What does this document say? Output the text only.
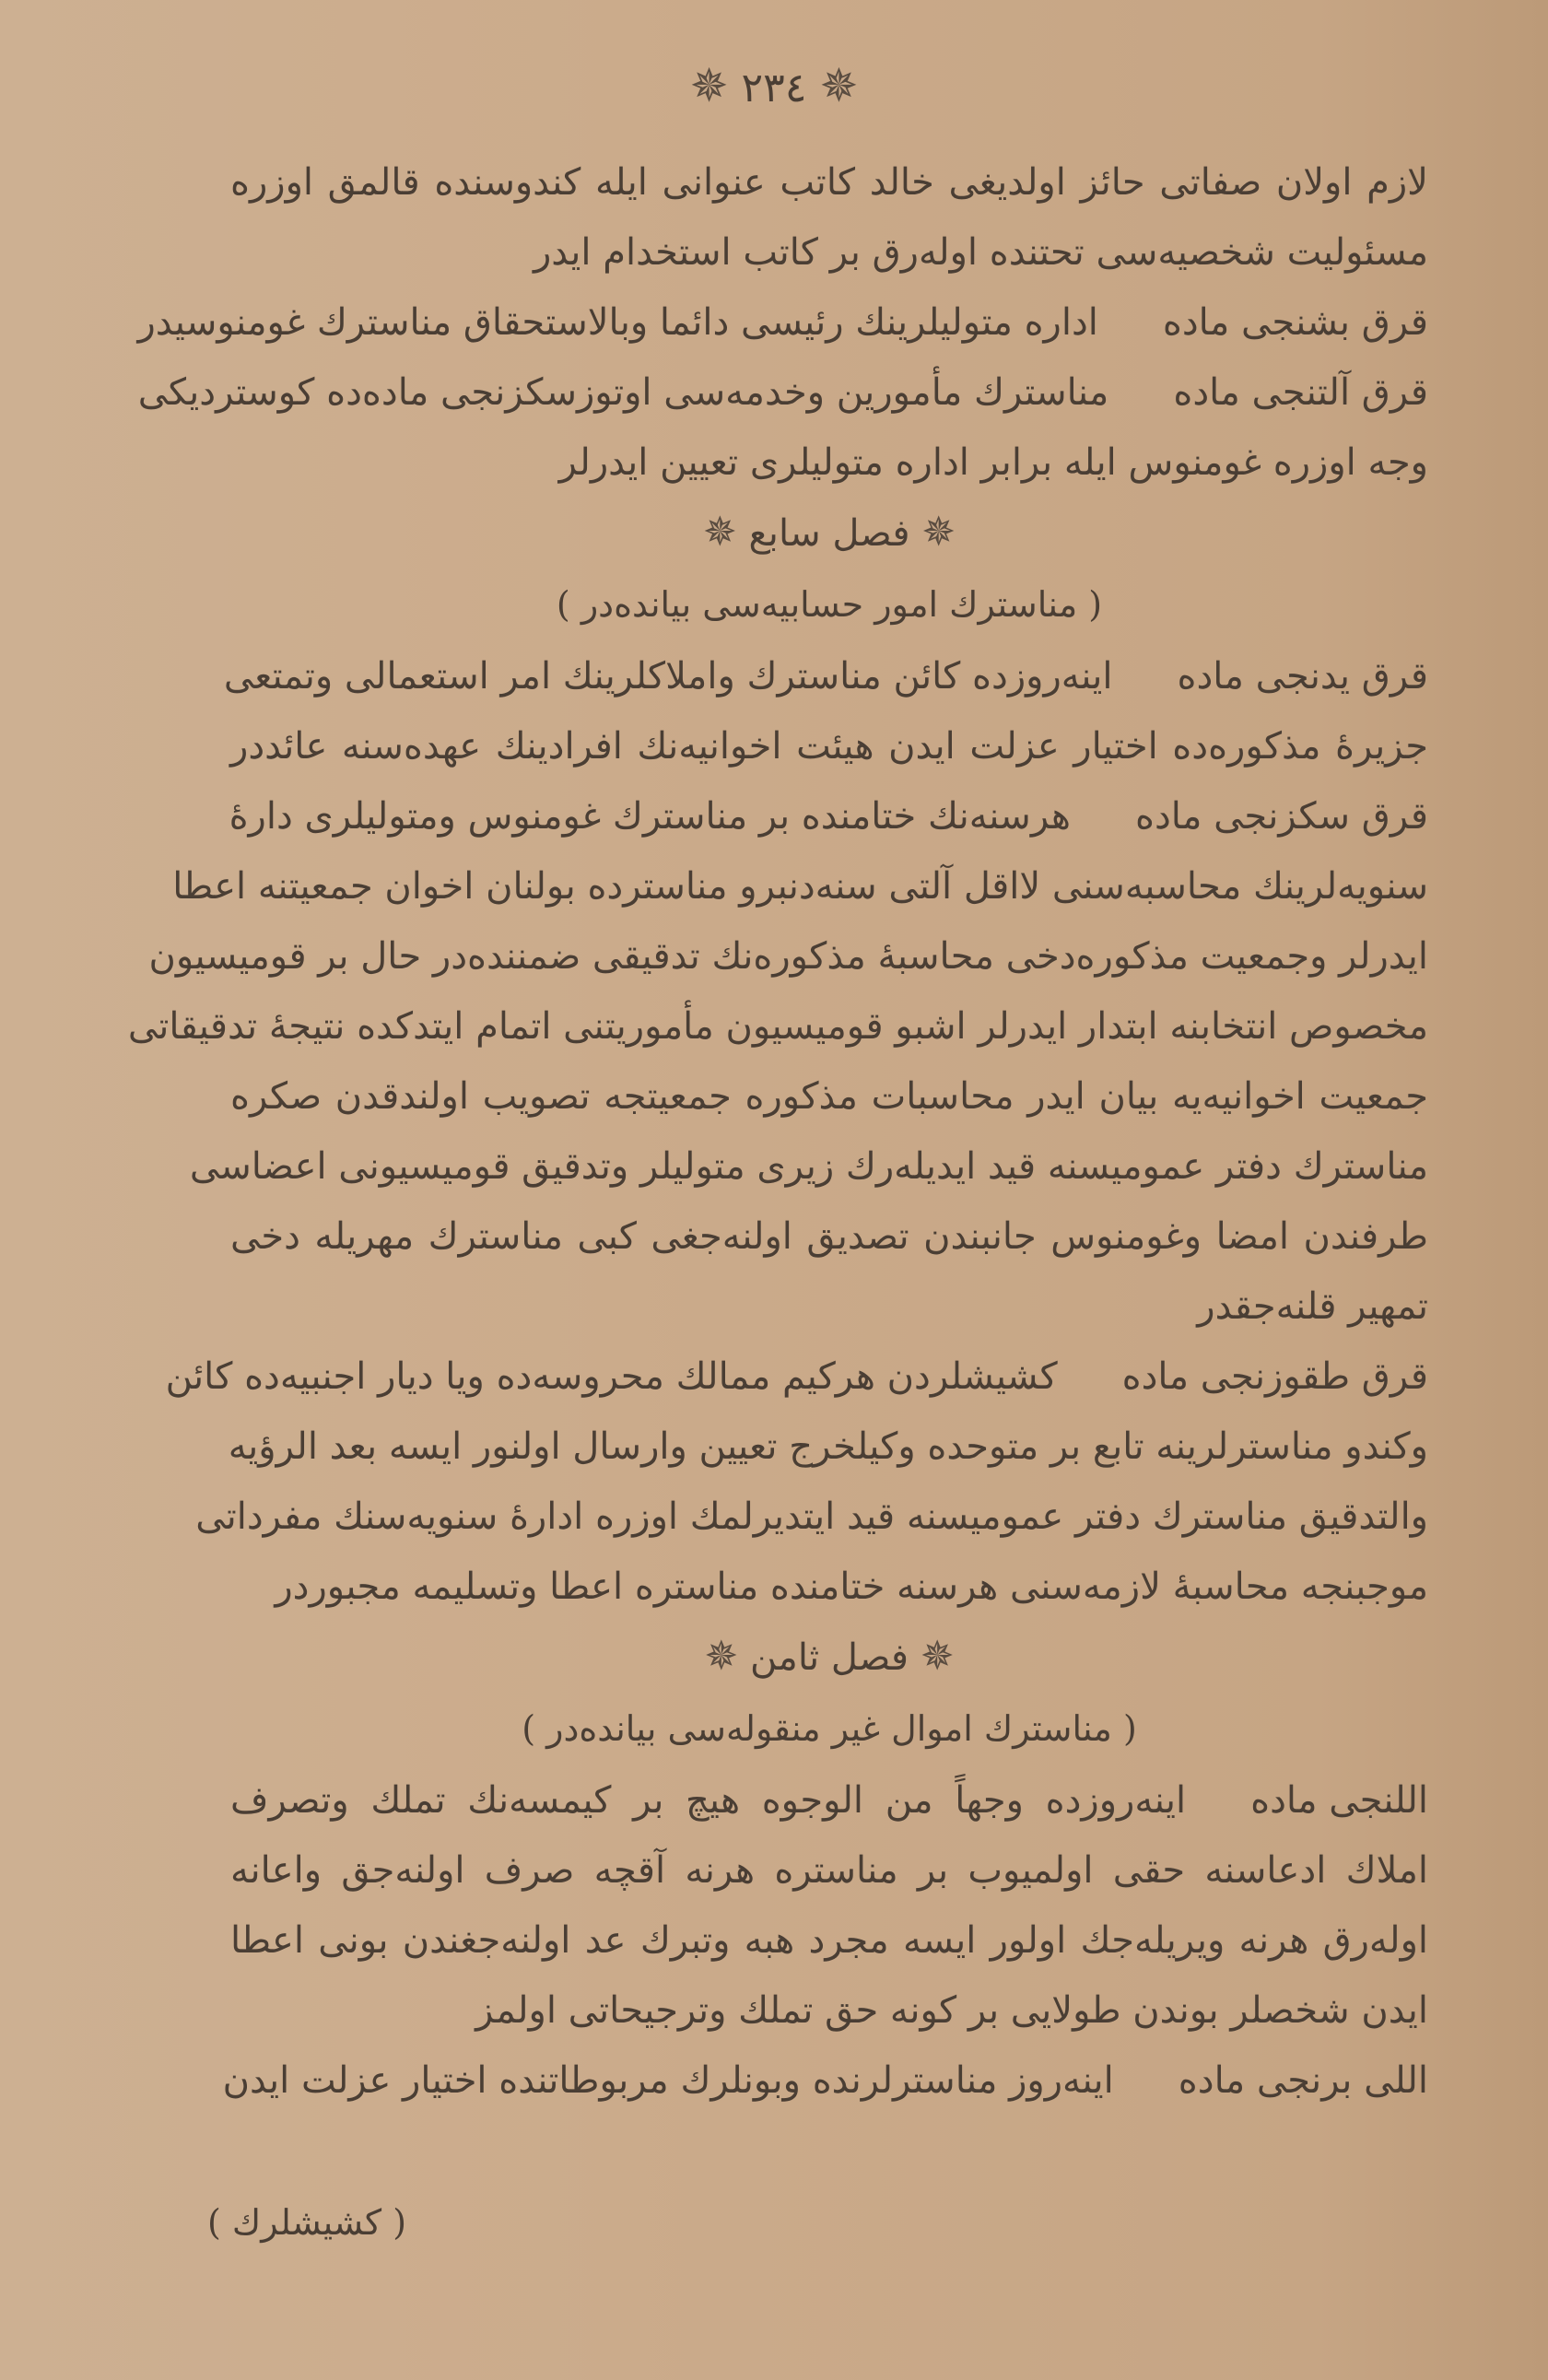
✵ ٢٣٤ ✵
لازم اولان صفاتی حائز اولدیغی خالد كاتب عنوانی ایله كندوسنده قالمق اوزره
مسئولیت شخصیه‌سی تحتنده اوله‌رق بر كاتب استخدام ایدر
قرق بشنجی مادهاداره متولیلرینك رئیسی دائما وبالاستحقاق مناسترك غومنوسیدر
قرق آلتنجی مادهمناسترك مأمورین وخدمه‌سی اوتوزسكزنجی ماده‌ده كوستردیكی
وجه اوزره غومنوس ایله برابر اداره متولیلری تعیین ایدرلر
✵ فصل سابع ✵
( مناسترك امور حسابیه‌سی بیانده‌در )
قرق یدنجی مادهاینه‌روزده كائن مناسترك واملاكلرینك امر استعمالی وتمتعی
جزیرهٔ مذكوره‌ده اختیار عزلت ایدن هیئت اخوانیه‌نك افرادینك عهده‌سنه عائددر
قرق سكزنجی مادههرسنه‌نك ختامنده بر مناسترك غومنوس ومتولیلری دارهٔ
سنویه‌لرینك محاسبه‌سنی لااقل آلتی سنه‌دنبرو مناسترده بولنان اخوان جمعیتنه اعطا
ایدرلر وجمعیت مذكوره‌دخی محاسبهٔ مذكوره‌نك تدقیقی ضمننده‌در حال بر قومیسیون
مخصوص انتخابنه ابتدار ایدرلر اشبو قومیسیون مأموریتنی اتمام ایتدكده نتیجهٔ تدقیقاتی
جمعیت اخوانیه‌یه بیان ایدر محاسبات مذكوره جمعیتجه تصویب اولندقدن صكره
مناسترك دفتر عمومیسنه قید ایدیله‌رك زیری متولیلر وتدقیق قومیسیونی اعضاسی
طرفندن امضا وغومنوس جانبندن تصدیق اولنه‌جغی كبی مناسترك مهریله دخی
تمهیر قلنه‌جقدر
قرق طقوزنجی مادهكشیشلردن هركیم ممالك محروسه‌ده ویا دیار اجنبیه‌ده كائن
وكندو مناسترلرینه تابع بر متوحده وكیلخرج تعیین وارسال اولنور ایسه بعد الرؤیه
والتدقیق مناسترك دفتر عمومیسنه قید ایتدیرلمك اوزره ادارهٔ سنویه‌سنك مفرداتی
موجبنجه محاسبهٔ لازمه‌سنی هرسنه ختامنده مناستره اعطا وتسلیمه مجبوردر
✵ فصل ثامن ✵
( مناسترك اموال غیر منقوله‌سی بیانده‌در )
اللنجی مادهاینه‌روزده وجهاً من الوجوه هیچ بر كیمسه‌نك تملك وتصرف
املاك ادعاسنه حقی اولمیوب بر مناستره هرنه آقچه صرف اولنه‌جق واعانه
اوله‌رق هرنه ویریله‌جك اولور ایسه مجرد هبه وتبرك عد اولنه‌جغندن بونی اعطا
ایدن شخصلر بوندن طولایی بر كونه حق تملك وترجیحاتی اولمز
اللی برنجی مادهاینه‌روز مناسترلرنده وبونلرك مربوطاتنده اختیار عزلت ایدن
( كشیشلرك )
